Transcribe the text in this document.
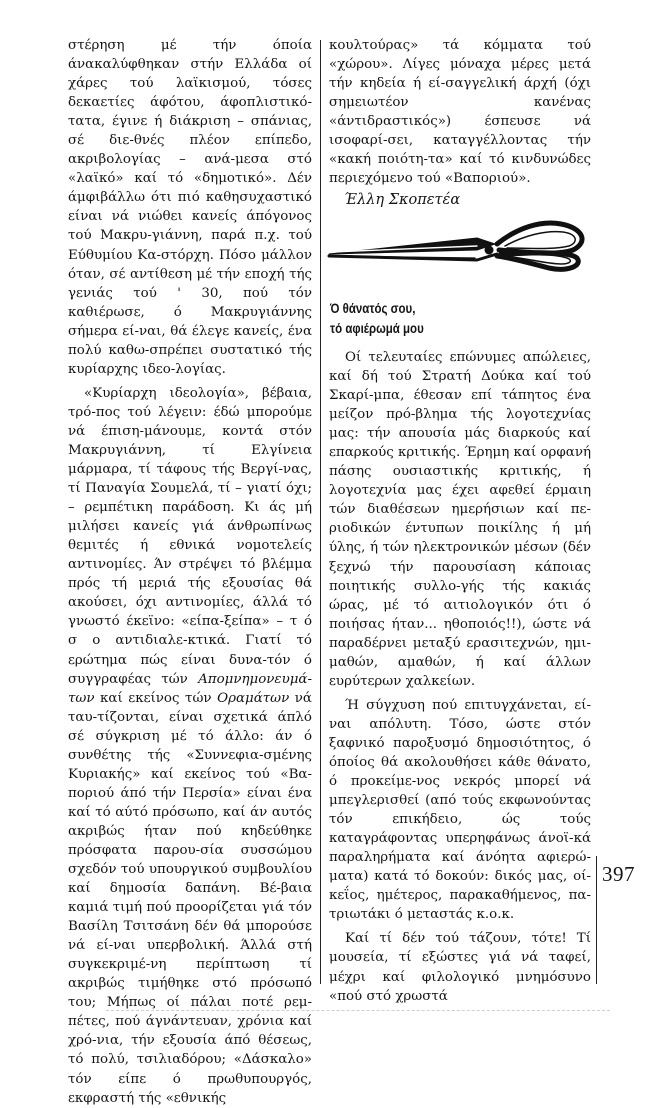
στέρηση μέ τήν όποία άνακαλύφθηκαν στήν Ελλάδα οί χάρες τού λαϊκισμού, τόσες δεκαετίες άφότου, άφοπλιστικό-τατα, έγινε ή διάκριση – σπάνιας, σέ διε-θνές πλέον επίπεδο, ακριβολογίας – ανά-μεσα στό «λαϊκό» καί τό «δημοτικό». Δέν άμφιβάλλω ότι πιό καθησυχαστικό είναι νά νιώθει κανείς άπόγονος τού Μακρυ-γιάννη, παρά π.χ. τού Εύθυμίου Κα-στόρχη. Πόσο μάλλον όταν, σέ αντίθεση μέ τήν εποχή τής γενιάς τού ' 30, πού τόν καθιέρωσε, ό Μακρυγιάννης σήμερα εί-ναι, θά έλεγε κανείς, ένα πολύ καθω-σπρέπει συστατικό τής κυρίαρχης ιδεο-λογίας.

«Κυρίαρχη ιδεολογία», βέβαια, τρό-πος τού λέγειν: έδώ μπορούμε νά έπιση-μάνουμε, κοντά στόν Μακρυγιάννη, τί Ελγίνεια μάρμαρα, τί τάφους τής Βεργί-νας, τί Παναγία Σουμελά, τί – γιατί όχι; – ρεμπέτικη παράδοση. Κι άς μή μιλήσει κανείς γιά άνθρωπίνως θεμιτές ή εθνικά νομοτελείς αντινομίες. Άν στρέψει τό βλέμμα πρός τή μεριά τής εξουσίας θά ακούσει, όχι αντινομίες, άλλά τό γνωστό έκεϊνο: «είπα-ξείπα» – τ ό σ ο αντιδιαλε-κτικά. Γιατί τό ερώτημα πώς είναι δυνα-τόν ό συγγραφέας τών Απομνημονευμά-των καί εκείνος τών Οραμάτων νά ταυ-τίζονται, είναι σχετικά άπλό σέ σύγκριση μέ τό άλλο: άν ό συνθέτης τής «Συννεφια-σμένης Κυριακής» καί εκείνος τού «Βα-ποριού άπό τήν Περσία» είναι ένα καί τό αύτό πρόσωπο, καί άν αυτός ακριβώς ήταν πού κηδεύθηκε πρόσφατα παρου-σία συσσώμου σχεδόν τού υπουργικού συμβουλίου καί δημοσία δαπάνη. Βέ-βαια καμιά τιμή πού προορίζεται γιά τόν Βασίλη Τσιτσάνη δέν θά μπορούσε νά εί-ναι υπερβολική. Άλλά στή συγκεκριμέ-νη περίπτωση τί ακριβώς τιμήθηκε στό πρόσωπό του; Μήπως οί πάλαι ποτέ ρεμ-πέτες, πού άγνάντευαν, χρόνια καί χρό-νια, τήν εξουσία άπό θέσεως, τό πολύ, τσιλιαδόρου; «Δάσκαλο» τόν είπε ό πρωθυπουργός, εκφραστή τής «εθνικής

κουλτούρας» τά κόμματα τού «χώρου». Λίγες μόναχα μέρες μετά τήν κηδεία ή εί-σαγγελική άρχή (όχι σημειωτέον κανένας «άντιδραστικός») έσπευσε νά ισοφαρί-σει, καταγγέλλοντας τήν «κακή ποιότη-τα» καί τό κινδυνώδες περιεχόμενο τού «Βαποριού».

Έλλη Σκοπετέα
Ό θάνατός σου,
τό αφιέρωμά μου

Οί τελευταίες επώνυμες απώλειες, καί δή τού Στρατή Δούκα καί τού Σκαρί-μπα, έθεσαν επί τάπητος ένα μείζον πρό-βλημα τής λογοτεχνίας μας: τήν απουσία μάς διαρκούς καί επαρκούς κριτικής. Έρημη καί ορφανή πάσης ουσιαστικής κριτικής, ή λογοτεχνία μας έχει αφεθεί έρμαιη τών διαθέσεων ημερήσιων καί πε-ριοδικών έντυπων ποικίλης ή μή ύλης, ή τών ηλεκτρονικών μέσων (δέν ξεχνώ τήν παρουσίαση κάποιας ποιητικής συλλο-γής τής κακιάς ώρας, μέ τό αιτιολογικόν ότι ό ποιήσας ήταν... ηθοποιός!!), ώστε νά παραδέρνει μεταξύ ερασιτεχνών, ημι-μαθών, αμαθών, ή καί άλλων ευρύτερων χαλκείων.

Ή σύγχυση πού επιτυγχάνεται, εί-ναι απόλυτη. Τόσο, ώστε στόν ξαφνικό παροξυσμό δημοσιότητος, ό όποίος θά ακολουθήσει κάθε θάνατο, ό προκείμε-νος νεκρός μπορεί νά μπεγλερισθεί (από τούς εκφωνούντας τόν επικήδειο, ώς τούς καταγράφοντας υπερηφάνως άνοϊ-κά παραληρήματα καί άνόητα αφιερώ-ματα) κατά τό δοκούν: δικός μας, οί-κεΐος, ημέτερος, παρακαθήμενος, πα-τριωτάκι ό μεταστάς κ.ο.κ.

Καί τί δέν τού τάζουν, τότε! Τί μουσεία, τί εξώστες γιά νά ταφεί, μέχρι καί φιλολογικό μνημόσυνο «πού στό χρωστά

397
